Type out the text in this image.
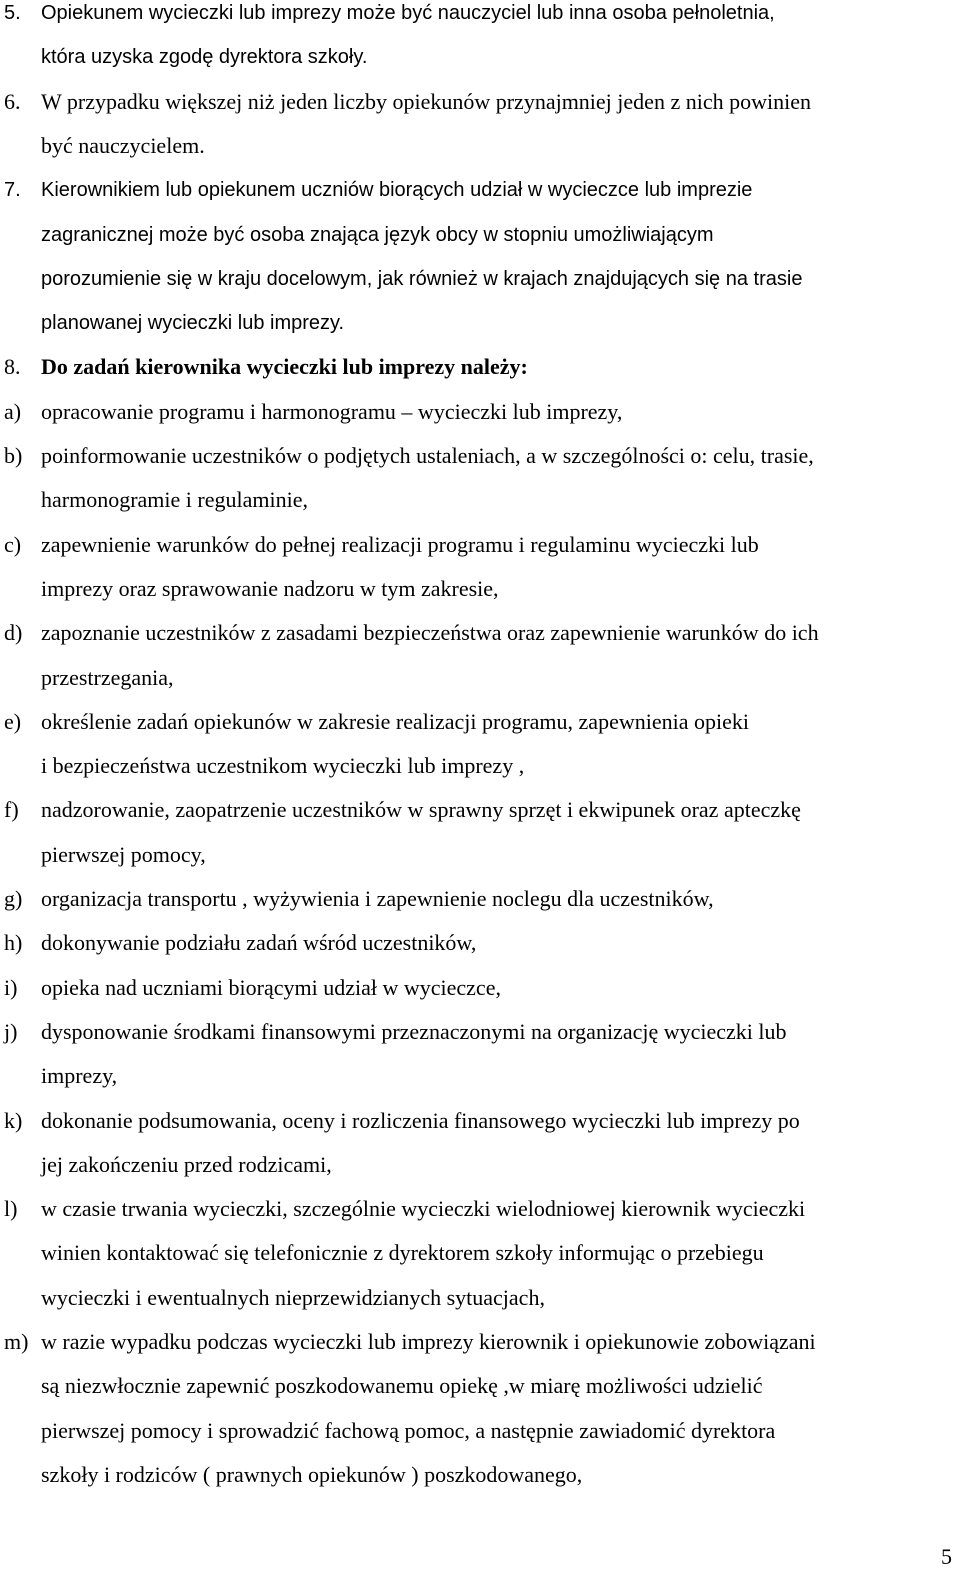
5. Opiekunem wycieczki lub imprezy może być nauczyciel lub inna osoba pełnoletnia,
która uzyska zgodę dyrektora szkoły.
6. W przypadku większej niż jeden liczby opiekunów przynajmniej jeden z nich powinien
być nauczycielem.
7. Kierownikiem lub opiekunem uczniów biorących udział w wycieczce lub imprezie
zagranicznej może być osoba znająca język obcy w stopniu umożliwiającym
porozumienie się w kraju docelowym, jak również w krajach znajdujących się na trasie
planowanej wycieczki lub imprezy.
8. Do zadań kierownika wycieczki lub imprezy należy:
a) opracowanie programu i harmonogramu – wycieczki lub imprezy,
b) poinformowanie uczestników o podjętych ustaleniach, a w szczególności o: celu, trasie,
harmonogramie i regulaminie,
c) zapewnienie warunków do pełnej realizacji programu i regulaminu wycieczki lub
imprezy oraz sprawowanie nadzoru w tym zakresie,
d) zapoznanie uczestników z zasadami bezpieczeństwa oraz zapewnienie warunków do ich
przestrzegania,
e) określenie zadań opiekunów w zakresie realizacji programu, zapewnienia opieki
i bezpieczeństwa uczestnikom wycieczki lub imprezy ,
f) nadzorowanie, zaopatrzenie uczestników w sprawny sprzęt i ekwipunek oraz apteczkę
pierwszej pomocy,
g) organizacja transportu , wyżywienia i zapewnienie noclegu dla uczestników,
h) dokonywanie podziału zadań wśród uczestników,
i) opieka nad uczniami biorącymi udział w wycieczce,
j) dysponowanie środkami finansowymi przeznaczonymi na organizację wycieczki lub
imprezy,
k) dokonanie podsumowania, oceny i rozliczenia finansowego wycieczki lub imprezy po
jej zakończeniu przed rodzicami,
l) w czasie trwania wycieczki, szczególnie wycieczki wielodniowej kierownik wycieczki
winien kontaktować się telefonicznie z dyrektorem szkoły informując o przebiegu
wycieczki i ewentualnych nieprzewidzianych sytuacjach,
m) w razie wypadku podczas wycieczki lub imprezy kierownik i opiekunowie zobowiązani
są niezwłocznie zapewnić poszkodowanemu opiekę ,w miarę możliwości udzielić
pierwszej pomocy i sprowadzić fachową pomoc, a następnie zawiadomić dyrektora
szkoły i rodziców ( prawnych opiekunów ) poszkodowanego,
5
